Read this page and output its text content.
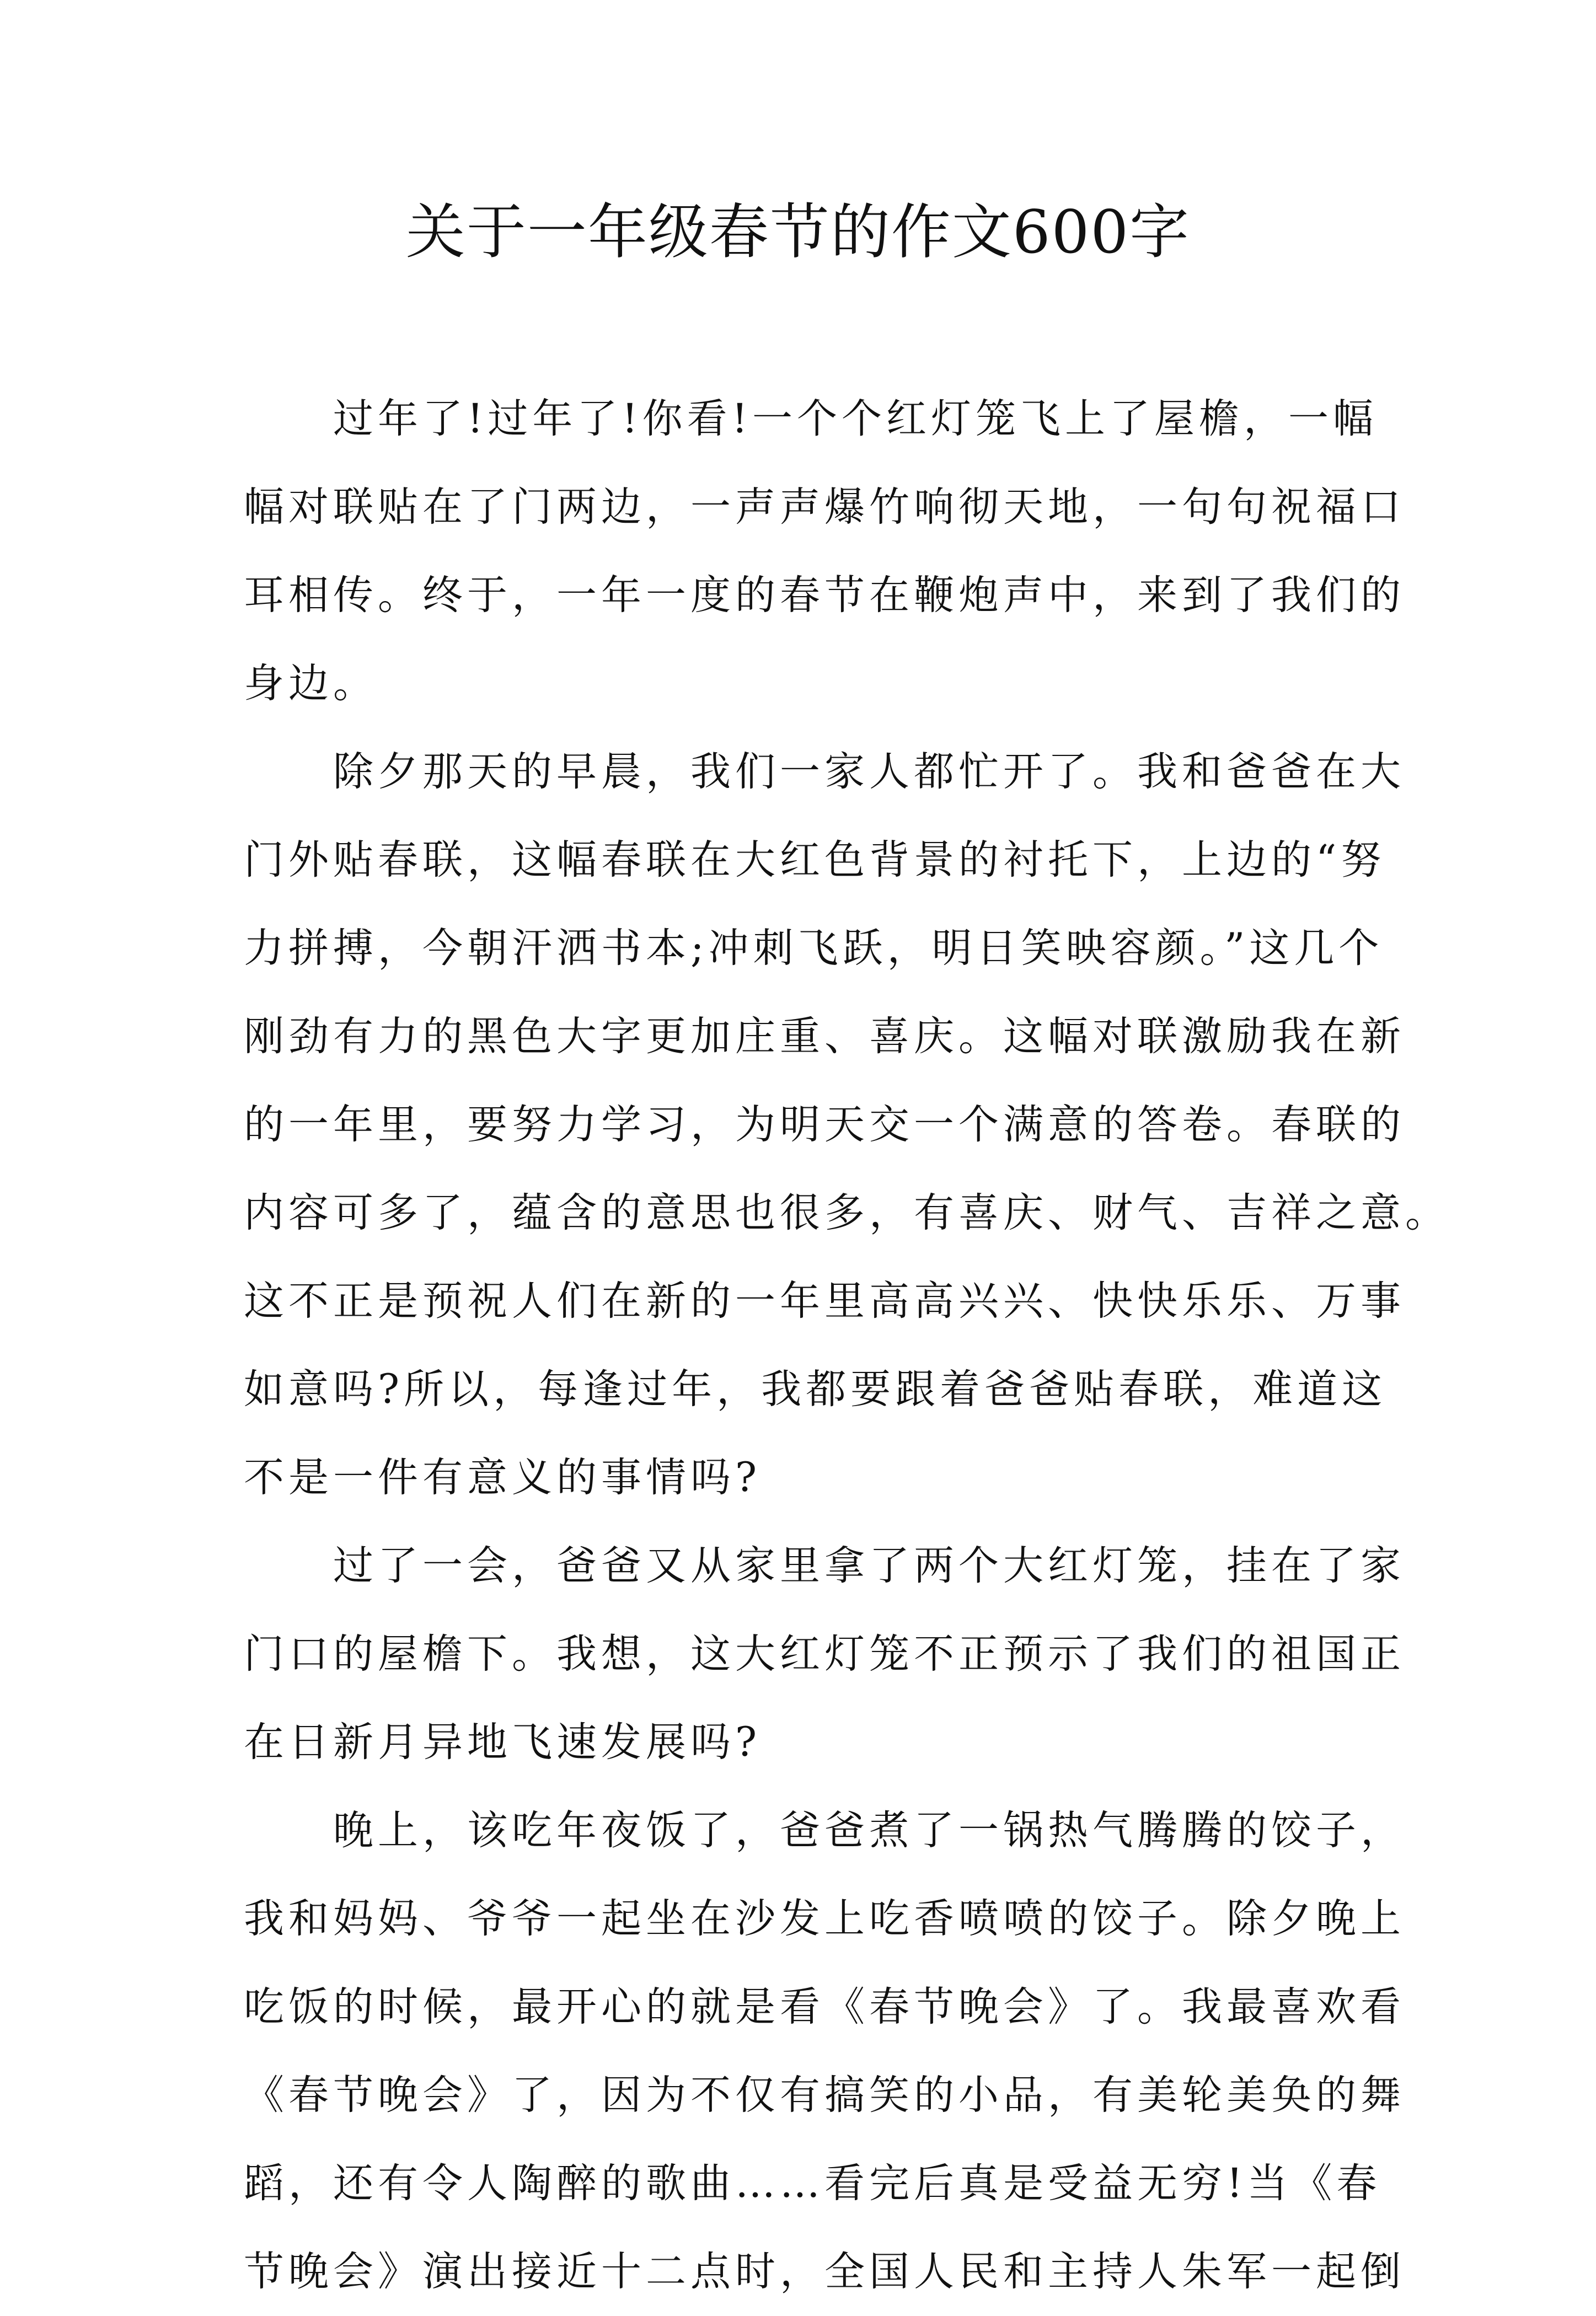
关于一年级春节的作文600字
　　过年了!过年了!你看!一个个红灯笼飞上了屋檐，一幅
幅对联贴在了门两边，一声声爆竹响彻天地，一句句祝福口
耳相传。终于，一年一度的春节在鞭炮声中，来到了我们的
身边。
　　除夕那天的早晨，我们一家人都忙开了。我和爸爸在大
门外贴春联，这幅春联在大红色背景的衬托下，上边的“努
力拼搏，今朝汗洒书本;冲刺飞跃，明日笑映容颜。”这几个
刚劲有力的黑色大字更加庄重、喜庆。这幅对联激励我在新
的一年里，要努力学习，为明天交一个满意的答卷。春联的
内容可多了，蕴含的意思也很多，有喜庆、财气、吉祥之意。
这不正是预祝人们在新的一年里高高兴兴、快快乐乐、万事
如意吗?所以，每逢过年，我都要跟着爸爸贴春联，难道这
不是一件有意义的事情吗?
　　过了一会，爸爸又从家里拿了两个大红灯笼，挂在了家
门口的屋檐下。我想，这大红灯笼不正预示了我们的祖国正
在日新月异地飞速发展吗?
　　晚上，该吃年夜饭了，爸爸煮了一锅热气腾腾的饺子，
我和妈妈、爷爷一起坐在沙发上吃香喷喷的饺子。除夕晚上
吃饭的时候，最开心的就是看《春节晚会》了。我最喜欢看
《春节晚会》了，因为不仅有搞笑的小品，有美轮美奂的舞
蹈，还有令人陶醉的歌曲……看完后真是受益无穷!当《春
节晚会》演出接近十二点时，全国人民和主持人朱军一起倒
